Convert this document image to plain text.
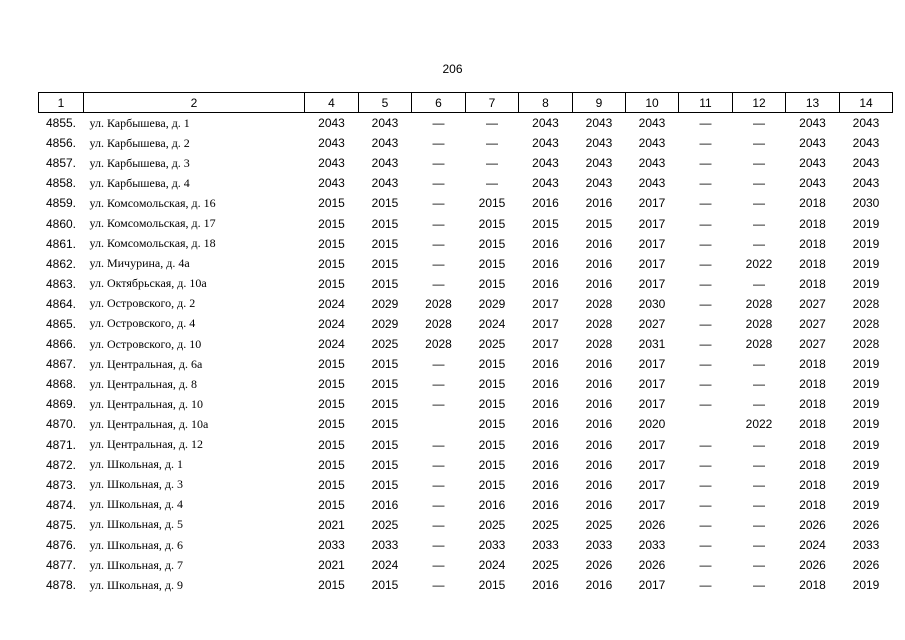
206
1	2	4	5	6	7	8	9	10	11	12	13	14
4855.	ул. Карбышева, д. 1	2043	2043	—	—	2043	2043	2043	—	—	2043	2043
4856.	ул. Карбышева, д. 2	2043	2043	—	—	2043	2043	2043	—	—	2043	2043
4857.	ул. Карбышева, д. 3	2043	2043	—	—	2043	2043	2043	—	—	2043	2043
4858.	ул. Карбышева, д. 4	2043	2043	—	—	2043	2043	2043	—	—	2043	2043
4859.	ул. Комсомольская, д. 16	2015	2015	—	2015	2016	2016	2017	—	—	2018	2030
4860.	ул. Комсомольская, д. 17	2015	2015	—	2015	2015	2015	2017	—	—	2018	2019
4861.	ул. Комсомольская, д. 18	2015	2015	—	2015	2016	2016	2017	—	—	2018	2019
4862.	ул. Мичурина, д. 4а	2015	2015	—	2015	2016	2016	2017	—	2022	2018	2019
4863.	ул. Октябрьская, д. 10а	2015	2015	—	2015	2016	2016	2017	—	—	2018	2019
4864.	ул. Островского, д. 2	2024	2029	2028	2029	2017	2028	2030	—	2028	2027	2028
4865.	ул. Островского, д. 4	2024	2029	2028	2024	2017	2028	2027	—	2028	2027	2028
4866.	ул. Островского, д. 10	2024	2025	2028	2025	2017	2028	2031	—	2028	2027	2028
4867.	ул. Центральная, д. 6а	2015	2015	—	2015	2016	2016	2017	—	—	2018	2019
4868.	ул. Центральная, д. 8	2015	2015	—	2015	2016	2016	2017	—	—	2018	2019
4869.	ул. Центральная, д. 10	2015	2015	—	2015	2016	2016	2017	—	—	2018	2019
4870.	ул. Центральная, д. 10а	2015	2015		2015	2016	2016	2020		2022	2018	2019
4871.	ул. Центральная, д. 12	2015	2015	—	2015	2016	2016	2017	—	—	2018	2019
4872.	ул. Школьная, д. 1	2015	2015	—	2015	2016	2016	2017	—	—	2018	2019
4873.	ул. Школьная, д. 3	2015	2015	—	2015	2016	2016	2017	—	—	2018	2019
4874.	ул. Школьная, д. 4	2015	2016	—	2016	2016	2016	2017	—	—	2018	2019
4875.	ул. Школьная, д. 5	2021	2025	—	2025	2025	2025	2026	—	—	2026	2026
4876.	ул. Школьная, д. 6	2033	2033	—	2033	2033	2033	2033	—	—	2024	2033
4877.	ул. Школьная, д. 7	2021	2024	—	2024	2025	2026	2026	—	—	2026	2026
4878.	ул. Школьная, д. 9	2015	2015	—	2015	2016	2016	2017	—	—	2018	2019
